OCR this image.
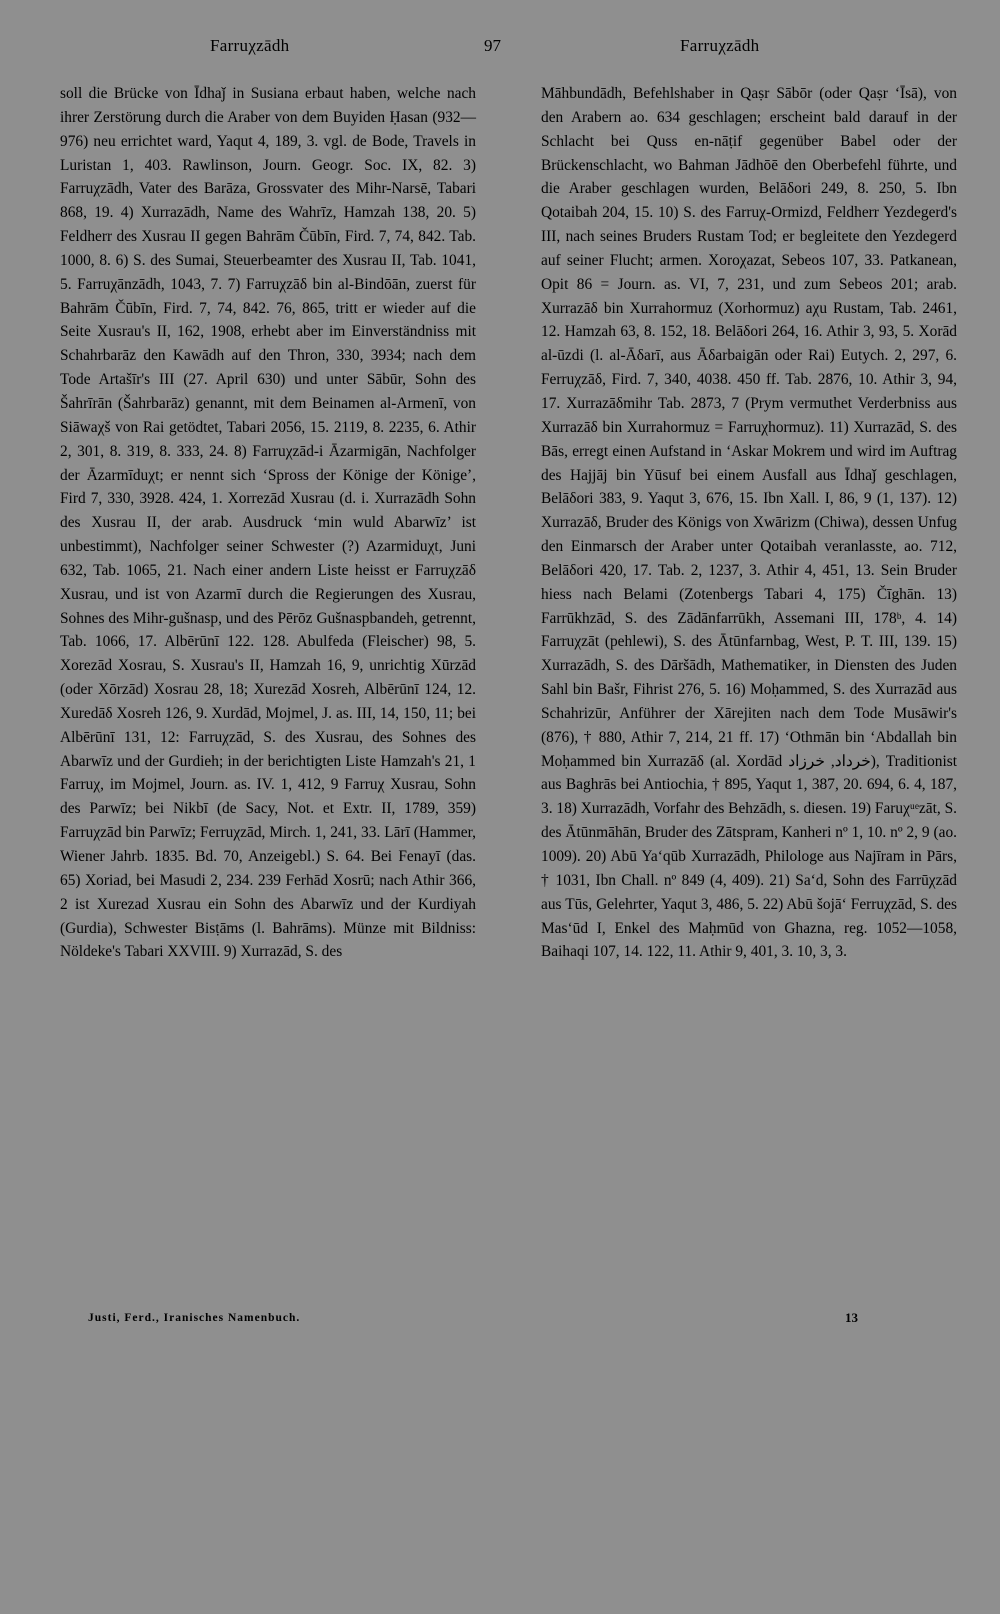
Farruχzādh	97	Farruχzādh

soll die Brücke von Īdhaǰ in Susiana erbaut haben, welche nach ihrer Zerstörung durch die Araber von dem Buyiden Ḥasan (932—976) neu errichtet ward, Yaqut 4, 189, 3. vgl. de Bode, Travels in Luristan 1, 403. Rawlinson, Journ. Geogr. Soc. IX, 82. 3) Farruχzādh, Vater des Barāza, Grossvater des Mihr-Narsē, Tabari 868, 19. 4) Xurrazādh, Name des Wahrīz, Hamzah 138, 20. 5) Feldherr des Xusrau II gegen Bahrām Čūbīn, Fird. 7, 74, 842. Tab. 1000, 8. 6) S. des Sumai, Steuerbeamter des Xusrau II, Tab. 1041, 5. Farruχānzādh, 1043, 7. 7) Farruχzāδ bin al-Bindōān, zuerst für Bahrām Čūbīn, Fird. 7, 74, 842. 76, 865, tritt er wieder auf die Seite Xusrau's II, 162, 1908, erhebt aber im Einverständniss mit Schahrbarāz den Kawādh auf den Thron, 330, 3934; nach dem Tode Artašīr's III (27. April 630) und unter Sābūr, Sohn des Šahrīrān (Šahrbarāz) genannt, mit dem Beinamen al-Armenī, von Siāwaχš von Rai getödtet, Tabari 2056, 15. 2119, 8. 2235, 6. Athir 2, 301, 8. 319, 8. 333, 24. 8) Farruχzād-i Āzarmigān, Nachfolger der Āzarmīduχt; er nennt sich ‘Spross der Könige der Könige’, Fird 7, 330, 3928. 424, 1. Xorrezād Xusrau (d. i. Xurrazādh Sohn des Xusrau II, der arab. Ausdruck ‘min wuld Abarwīz’ ist unbestimmt), Nachfolger seiner Schwester (?) Azarmiduχt, Juni 632, Tab. 1065, 21. Nach einer andern Liste heisst er Farruχzāδ Xusrau, und ist von Azarmī durch die Regierungen des Xusrau, Sohnes des Mihr-gušnasp, und des Pērōz Gušnaspbandeh, getrennt, Tab. 1066, 17. Albērūnī 122. 128. Abulfeda (Fleischer) 98, 5. Xorezād Xosrau, S. Xusrau's II, Hamzah 16, 9, unrichtig Xūrzād (oder Xōrzād) Xosrau 28, 18; Xurezād Xosreh, Albērūnī 124, 12. Xuredāδ Xosreh 126, 9. Xurdād, Mojmel, J. as. III, 14, 150, 11; bei Albērūnī 131, 12: Farruχzād, S. des Xusrau, des Sohnes des Abarwīz und der Gurdieh; in der berichtigten Liste Hamzah's 21, 1 Farruχ, im Mojmel, Journ. as. IV. 1, 412, 9 Farruχ Xusrau, Sohn des Parwīz; bei Nikbī (de Sacy, Not. et Extr. II, 1789, 359) Farruχzād bin Parwīz; Ferruχzād, Mirch. 1, 241, 33. Lārī (Hammer, Wiener Jahrb. 1835. Bd. 70, Anzeigebl.) S. 64. Bei Fenayī (das. 65) Xoriad, bei Masudi 2, 234. 239 Ferhād Xosrū; nach Athir 366, 2 ist Xurezad Xusrau ein Sohn des Abarwīz und der Kurdiyah (Gurdia), Schwester Bisṭāms (l. Bahrāms). Münze mit Bildniss: Nöldeke's Tabari XXVIII. 9) Xurrazād, S. des

Māhbundādh, Befehlshaber in Qaṣr Sābōr (oder Qaṣr ‘Īsā), von den Arabern ao. 634 geschlagen; erscheint bald darauf in der Schlacht bei Quss en-nāṭif gegenüber Babel oder der Brückenschlacht, wo Bahman Jādhōē den Oberbefehl führte, und die Araber geschlagen wurden, Belāδori 249, 8. 250, 5. Ibn Qotaibah 204, 15. 10) S. des Farruχ-Ormizd, Feldherr Yezdegerd's III, nach seines Bruders Rustam Tod; er begleitete den Yezdegerd auf seiner Flucht; armen. Xoroχazat, Sebeos 107, 33. Patkanean, Opit 86 = Journ. as. VI, 7, 231, und zum Sebeos 201; arab. Xurrazāδ bin Xurrahormuz (Xorhormuz) aχu Rustam, Tab. 2461, 12. Hamzah 63, 8. 152, 18. Belāδori 264, 16. Athir 3, 93, 5. Xorād al-ūzdi (l. al-Āδarī, aus Āδarbaigān oder Rai) Eutych. 2, 297, 6. Ferruχzāδ, Fird. 7, 340, 4038. 450 ff. Tab. 2876, 10. Athir 3, 94, 17. Xurrazāδmihr Tab. 2873, 7 (Prym vermuthet Verderbniss aus Xurrazāδ bin Xurrahormuz = Farruχhormuz). 11) Xurrazād, S. des Bās, erregt einen Aufstand in ‘Askar Mokrem und wird im Auftrag des Hajjāj bin Yūsuf bei einem Ausfall aus Īdhaǰ geschlagen, Belāδori 383, 9. Yaqut 3, 676, 15. Ibn Xall. I, 86, 9 (1, 137). 12) Xurrazāδ, Bruder des Königs von Xwārizm (Chiwa), dessen Unfug den Einmarsch der Araber unter Qotaibah veranlasste, ao. 712, Belāδori 420, 17. Tab. 2, 1237, 3. Athir 4, 451, 13. Sein Bruder hiess nach Belami (Zotenbergs Tabari 4, 175) Čīghān. 13) Farrūkhzād, S. des Zādānfarrūkh, Assemani III, 178ᵇ, 4. 14) Farruχzāt (pehlewi), S. des Ātūnfarnbag, West, P. T. III, 139. 15) Xurrazādh, S. des Dāršādh, Mathematiker, in Diensten des Juden Sahl bin Bašr, Fihrist 276, 5. 16) Moḥammed, S. des Xurrazād aus Schahrizūr, Anführer der Xārejiten nach dem Tode Musāwir's (876), † 880, Athir 7, 214, 21 ff. 17) ‘Othmān bin ‘Abdallah bin Moḥammed bin Xurrazāδ (al. Xordād خرداد, خرزاد), Traditionist aus Baghrās bei Antiochia, † 895, Yaqut 1, 387, 20. 694, 6. 4, 187, 3. 18) Xurrazādh, Vorfahr des Behzādh, s. diesen. 19) Faruχᵘᵉzāt, S. des Ātūnmāhān, Bruder des Zātspram, Kanheri nº 1, 10. nº 2, 9 (ao. 1009). 20) Abū Ya‘qūb Xurrazādh, Philologe aus Najīram in Pārs, † 1031, Ibn Chall. nº 849 (4, 409). 21) Sa‘d, Sohn des Farrūχzād aus Tūs, Gelehrter, Yaqut 3, 486, 5. 22) Abū šojā‘ Ferruχzād, S. des Mas‘ūd I, Enkel des Maḥmūd von Ghazna, reg. 1052—1058, Baihaqi 107, 14. 122, 11. Athir 9, 401, 3. 10, 3, 3.

Justi, Ferd., Iranisches Namenbuch.	13
